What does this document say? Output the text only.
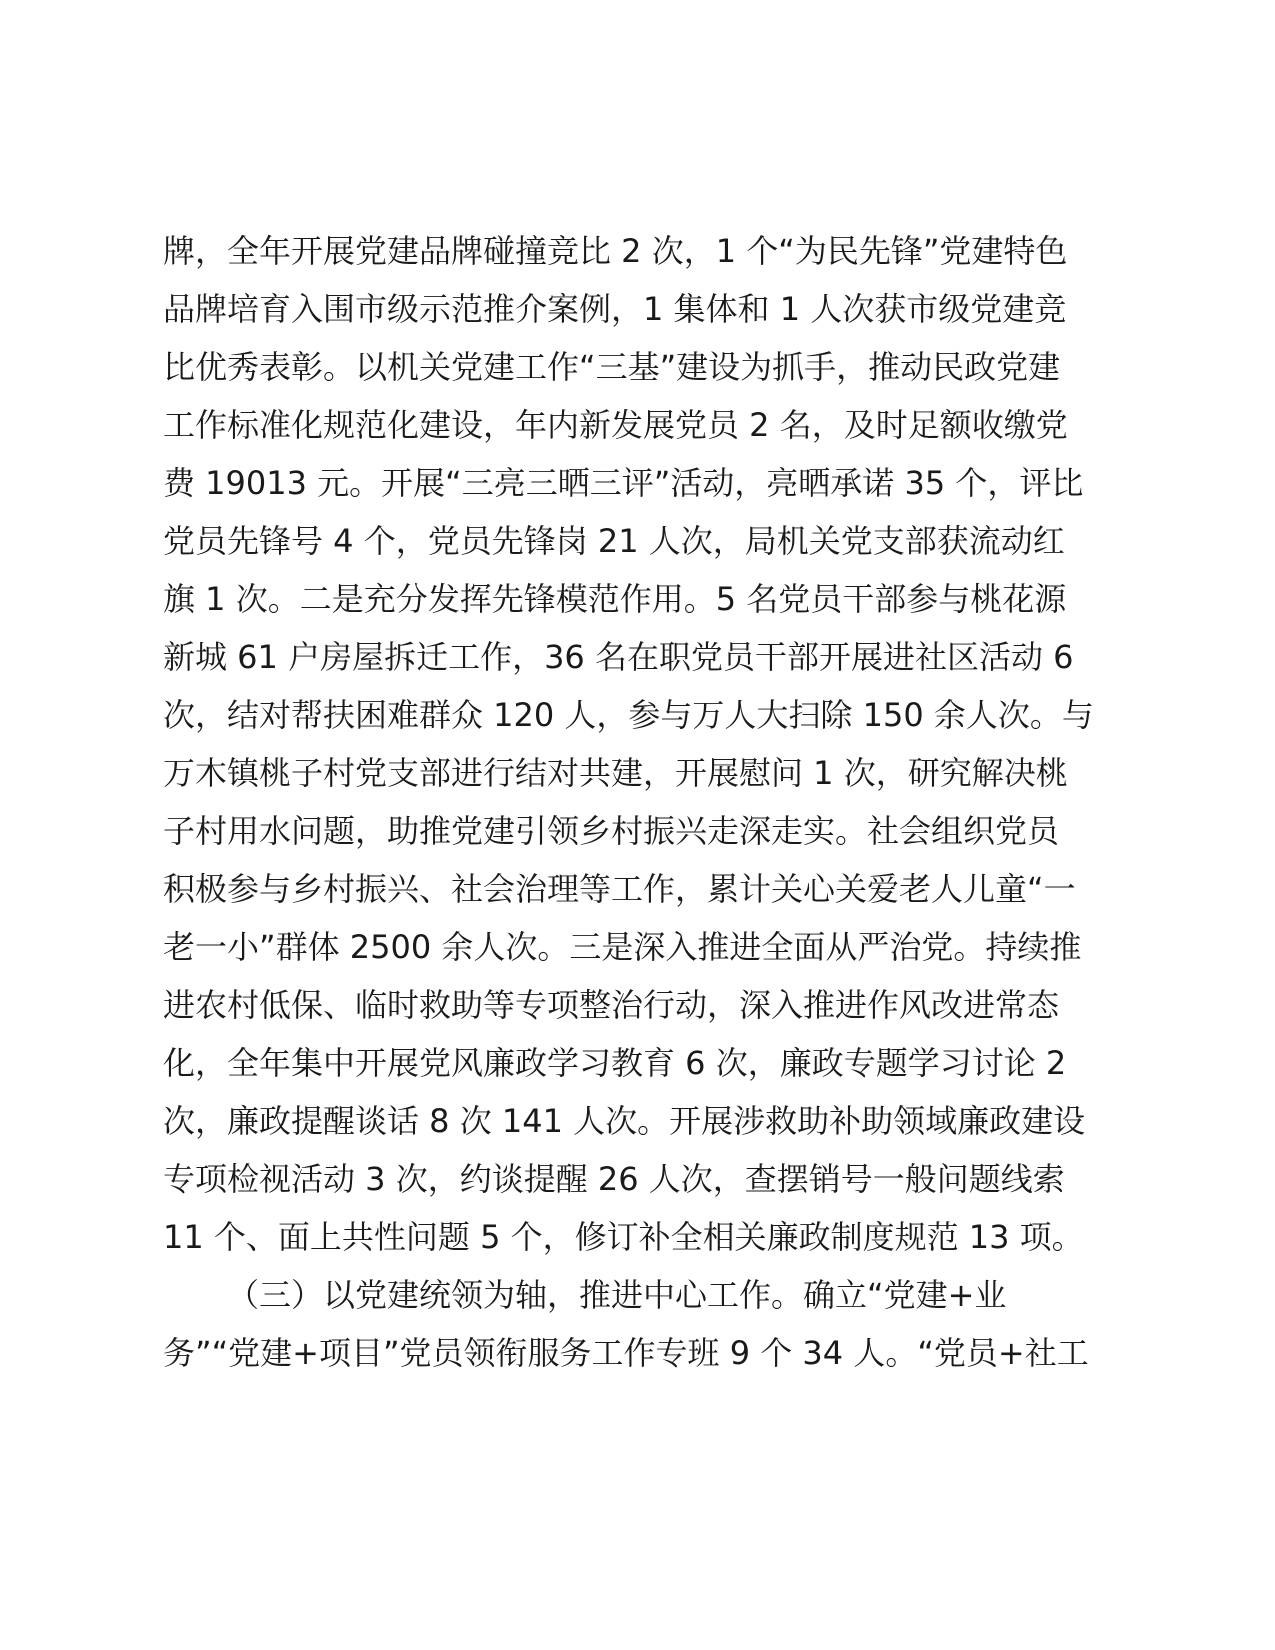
牌，全年开展党建品牌碰撞竞比 2 次，1 个“为民先锋”党建特色
品牌培育入围市级示范推介案例，1 集体和 1 人次获市级党建竞
比优秀表彰。以机关党建工作“三基”建设为抓手，推动民政党建
工作标准化规范化建设，年内新发展党员 2 名，及时足额收缴党
费 19013 元。开展“三亮三晒三评”活动，亮晒承诺 35 个，评比
党员先锋号 4 个，党员先锋岗 21 人次，局机关党支部获流动红
旗 1 次。二是充分发挥先锋模范作用。5 名党员干部参与桃花源
新城 61 户房屋拆迁工作，36 名在职党员干部开展进社区活动 6
次，结对帮扶困难群众 120 人，参与万人大扫除 150 余人次。与
万木镇桃子村党支部进行结对共建，开展慰问 1 次，研究解决桃
子村用水问题，助推党建引领乡村振兴走深走实。社会组织党员
积极参与乡村振兴、社会治理等工作，累计关心关爱老人儿童“一
老一小”群体 2500 余人次。三是深入推进全面从严治党。持续推
进农村低保、临时救助等专项整治行动，深入推进作风改进常态
化，全年集中开展党风廉政学习教育 6 次，廉政专题学习讨论 2
次，廉政提醒谈话 8 次 141 人次。开展涉救助补助领域廉政建设
专项检视活动 3 次，约谈提醒 26 人次，查摆销号一般问题线索
11 个、面上共性问题 5 个，修订补全相关廉政制度规范 13 项。
（三）以党建统领为轴，推进中心工作。确立“党建+业
务”“党建+项目”党员领衔服务工作专班 9 个 34 人。“党员+社工
